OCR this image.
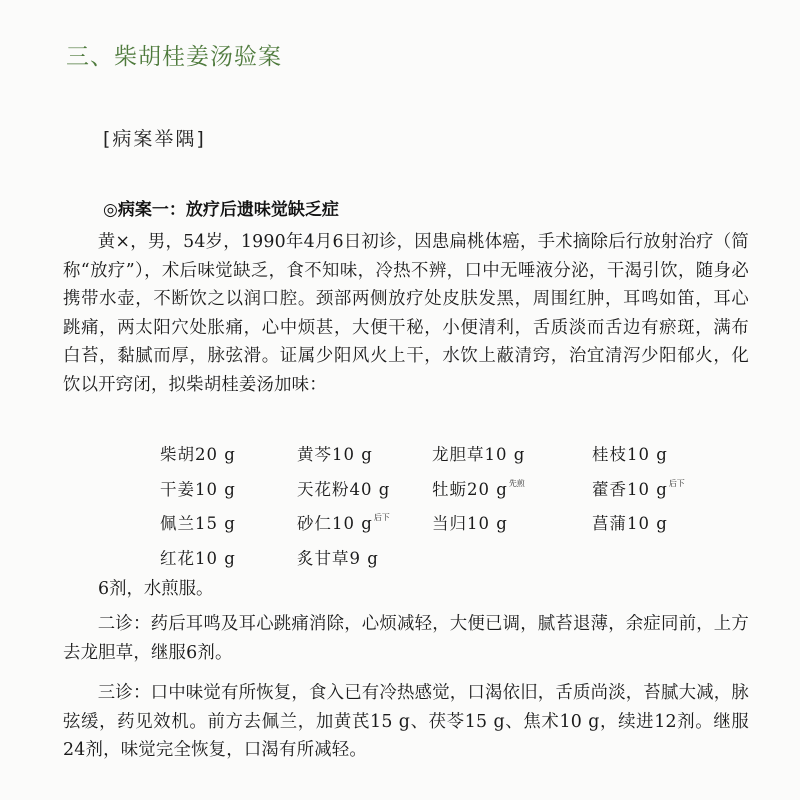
三、柴胡桂姜汤验案
[病案举隅]
◎病案一：放疗后遗味觉缺乏症
黄×，男，54岁，1990年4月6日初诊，因患扁桃体癌，手术摘除后行放射治疗（简称“放疗”），术后味觉缺乏，食不知味，冷热不辨，口中无唾液分泌，干渴引饮，随身必携带水壶，不断饮之以润口腔。颈部两侧放疗处皮肤发黑，周围红肿，耳鸣如笛，耳心跳痛，两太阳穴处胀痛，心中烦甚，大便干秘，小便清利，舌质淡而舌边有瘀斑，满布白苔，黏腻而厚，脉弦滑。证属少阳风火上干，水饮上蔽清窍，治宜清泻少阳郁火，化饮以开窍闭，拟柴胡桂姜汤加味：
柴胡20 g	黄芩10 g	龙胆草10 g	桂枝10 g
干姜10 g	天花粉40 g	牡蛎20 $g^{先煎}$	藿香10 $g^{后下}$
佩兰15 g	砂仁10 $g^{后下}$	当归10 g	菖蒲10 g
红花10 g	炙甘草9 g
6剂，水煎服。
二诊：药后耳鸣及耳心跳痛消除，心烦减轻，大便已调，腻苔退薄，余症同前，上方去龙胆草，继服6剂。
三诊：口中味觉有所恢复，食入已有冷热感觉，口渴依旧，舌质尚淡，苔腻大减，脉弦缓，药见效机。前方去佩兰，加黄芪15 g、茯苓15 g、焦术10 g，续进12剂。继服24剂，味觉完全恢复，口渴有所减轻。
